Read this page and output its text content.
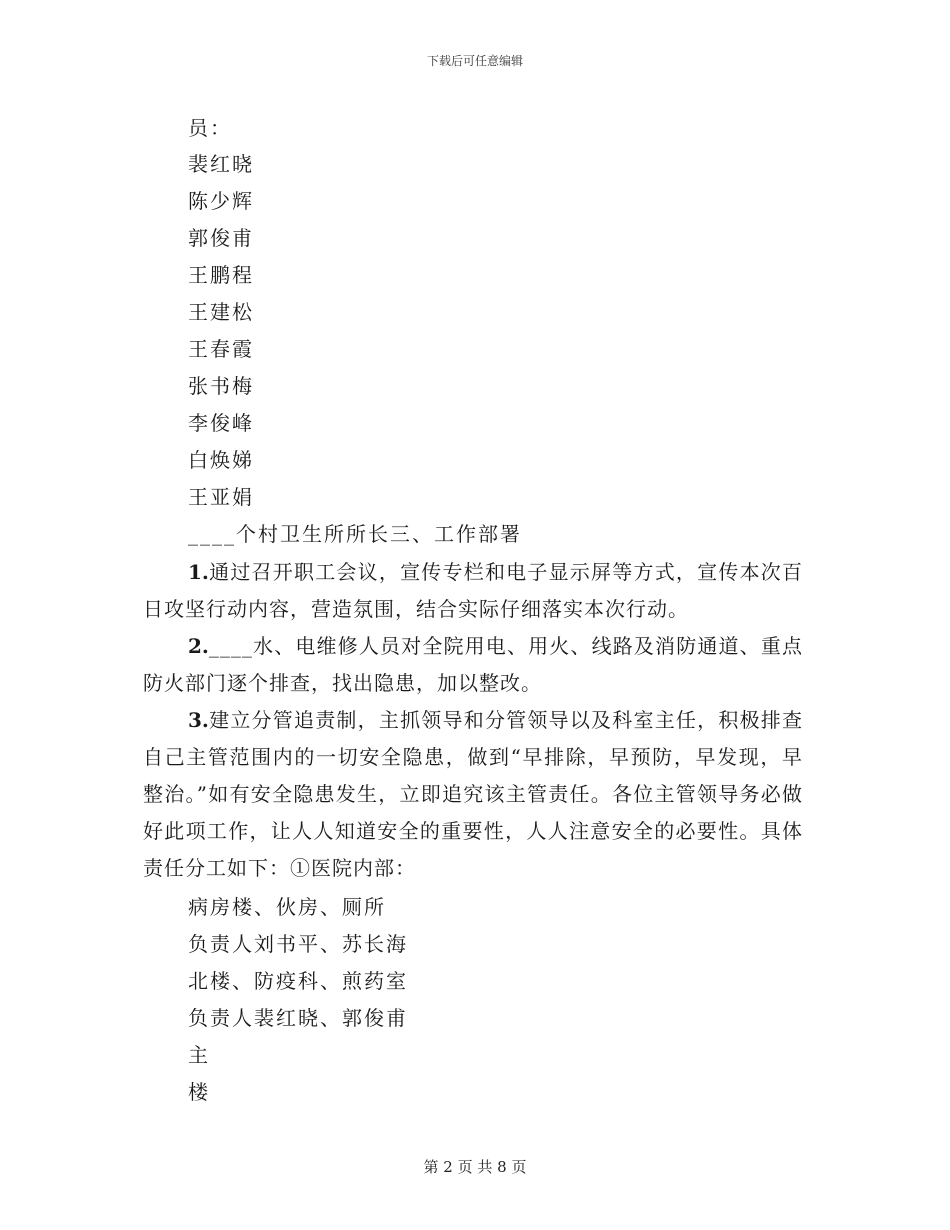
下载后可任意编辑
员：
裴红晓
陈少辉
郭俊甫
王鹏程
王建松
王春霞
张书梅
李俊峰
白焕娣
王亚娟
____个村卫生所所长三、工作部署
1.通过召开职工会议，宣传专栏和电子显示屏等方式，宣传本次百日攻坚行动内容，营造氛围，结合实际仔细落实本次行动。
2.____水、电维修人员对全院用电、用火、线路及消防通道、重点防火部门逐个排查，找出隐患，加以整改。
3.建立分管追责制，主抓领导和分管领导以及科室主任，积极排查自己主管范围内的一切安全隐患，做到“早排除，早预防，早发现，早整治。”如有安全隐患发生，立即追究该主管责任。各位主管领导务必做好此项工作，让人人知道安全的重要性，人人注意安全的必要性。具体责任分工如下：①医院内部：
病房楼、伙房、厕所
负责人刘书平、苏长海
北楼、防疫科、煎药室
负责人裴红晓、郭俊甫
主
楼
第 2 页 共 8 页
